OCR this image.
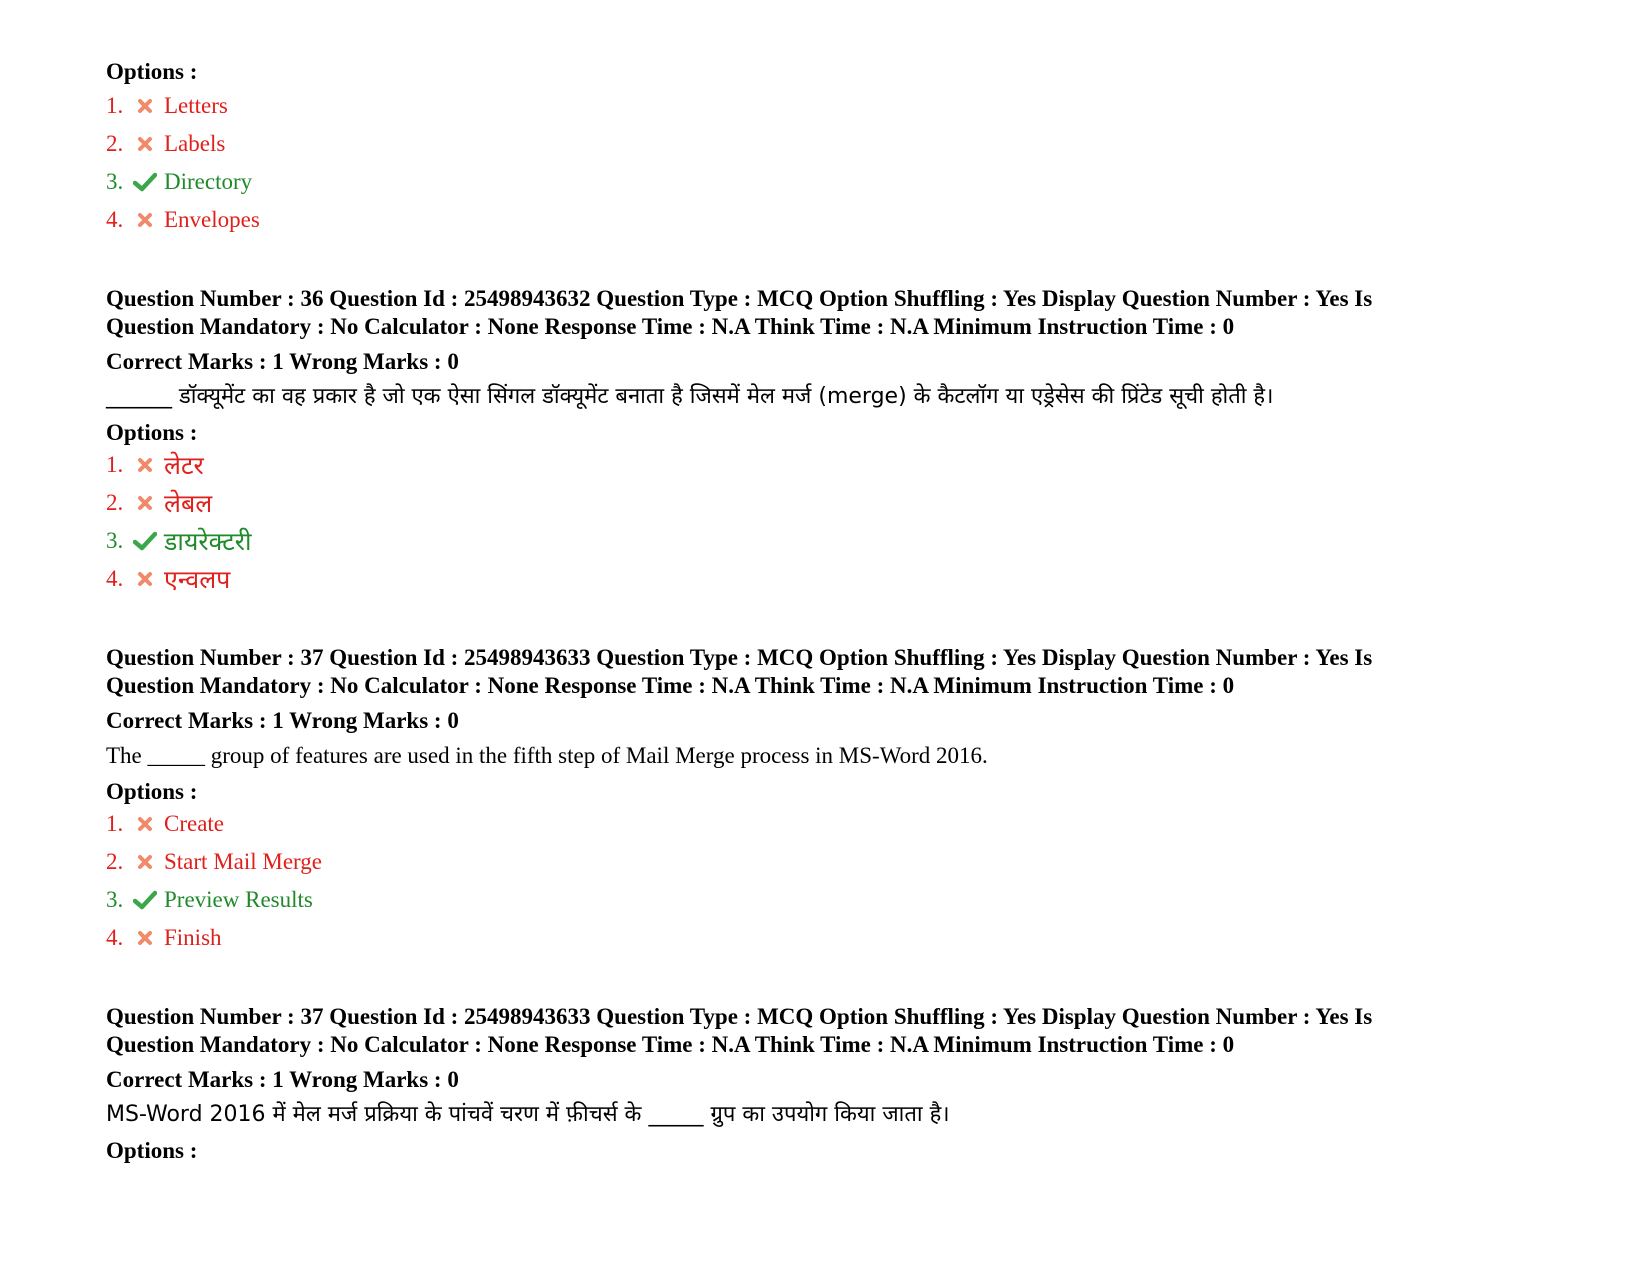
Options :
1. Letters
2. Labels
3. Directory
4. Envelopes

Question Number : 36 Question Id : 25498943632 Question Type : MCQ Option Shuffling : Yes Display Question Number : Yes Is

Question Mandatory : No Calculator : None Response Time : N.A Think Time : N.A Minimum Instruction Time : 0

Correct Marks : 1 Wrong Marks : 0
______ डॉक्यूमेंट का वह प्रकार है जो एक ऐसा सिंगल डॉक्यूमेंट बनाता है जिसमें मेल मर्ज (merge) के कैटलॉग या एड्रेसेस की प्रिंटेड सूची होती है।
Options :
1. लेटर
2. लेबल
3. डायरेक्टरी
4. एन्वलप

Question Number : 37 Question Id : 25498943633 Question Type : MCQ Option Shuffling : Yes Display Question Number : Yes Is

Question Mandatory : No Calculator : None Response Time : N.A Think Time : N.A Minimum Instruction Time : 0

Correct Marks : 1 Wrong Marks : 0
The _____ group of features are used in the fifth step of Mail Merge process in MS-Word 2016.
Options :
1. Create
2. Start Mail Merge
3. Preview Results
4. Finish

Question Number : 37 Question Id : 25498943633 Question Type : MCQ Option Shuffling : Yes Display Question Number : Yes Is

Question Mandatory : No Calculator : None Response Time : N.A Think Time : N.A Minimum Instruction Time : 0

Correct Marks : 1 Wrong Marks : 0
MS-Word 2016 में मेल मर्ज प्रक्रिया के पांचवें चरण में फ़ीचर्स के _____ ग्रुप का उपयोग किया जाता है।
Options :
